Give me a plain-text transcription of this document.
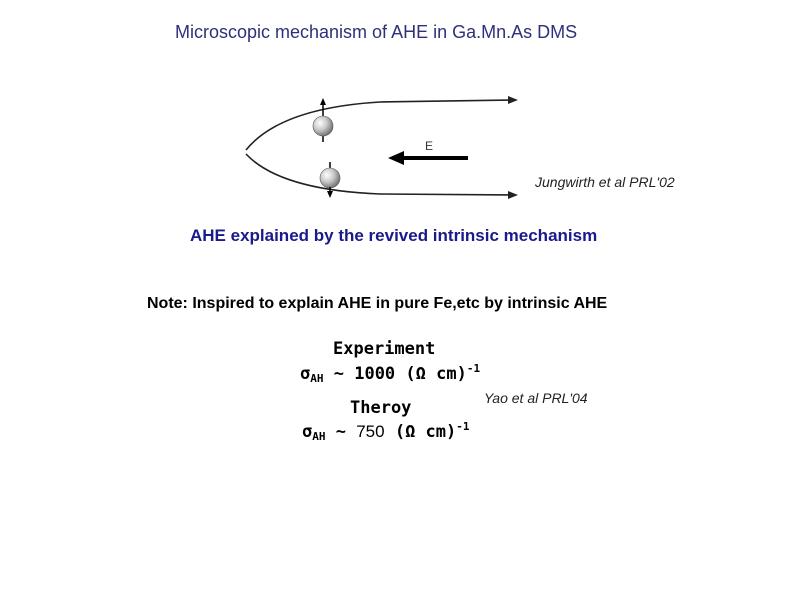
Microscopic mechanism of AHE in Ga.Mn.As DMS
E
Jungwirth et al PRL'02
AHE explained by the revived intrinsic mechanism
Note: Inspired to explain AHE in pure Fe,etc by intrinsic AHE
Experiment
$\sigma_{AH}$ ~ 1000 (Ω cm)$^{-1}$
Yao et al PRL'04
Theroy
$\sigma_{AH}$ ~ 750 (Ω cm)$^{-1}$
